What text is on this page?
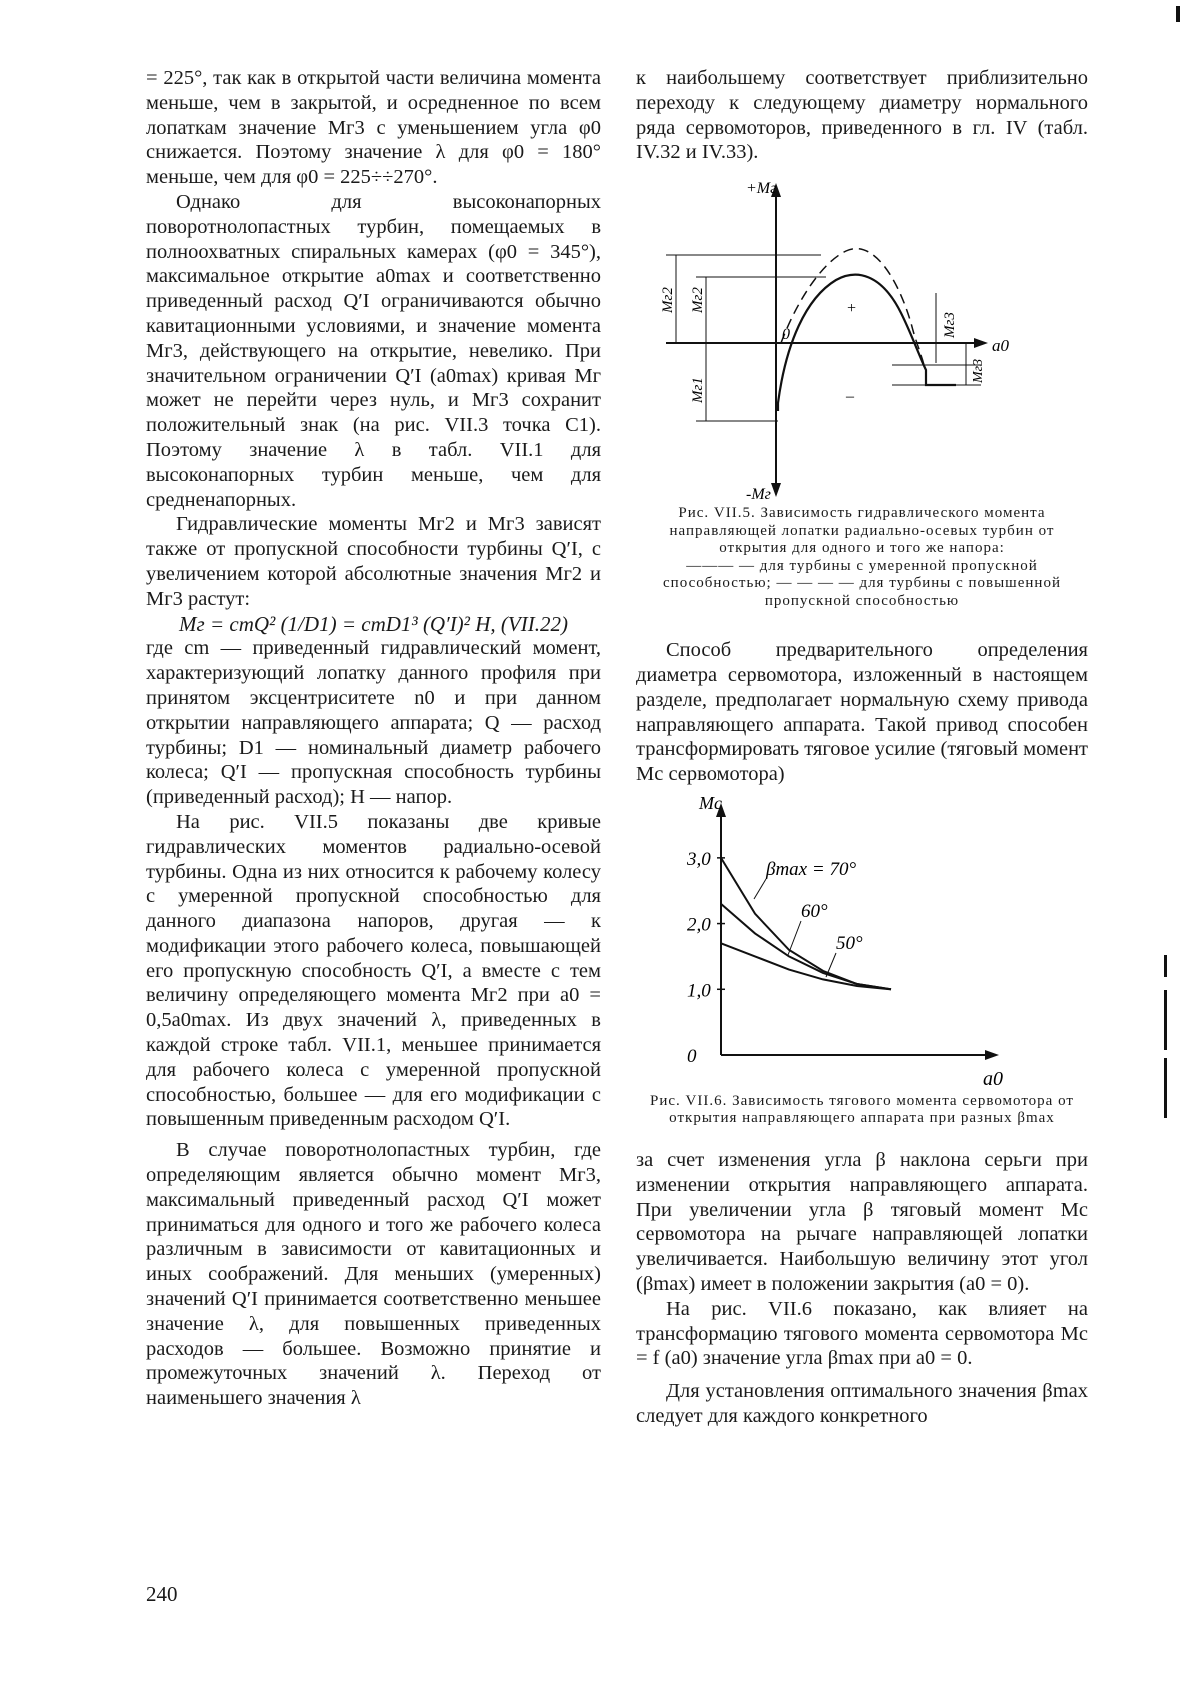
= 225°, так как в открытой части величина момента меньше, чем в закрытой, и осредненное по всем лопаткам значение Mг3 с уменьшением угла φ0 снижается. Поэтому значение λ для φ0 = 180° меньше, чем для φ0 = 225÷÷270°.

Однако для высоконапорных поворотнолопастных турбин, помещаемых в полноохватных спиральных камерах (φ0 = 345°), максимальное открытие a0max и соответственно приведенный расход Q′I ограничиваются обычно кавитационными условиями, и значение момента Mг3, действующего на открытие, невелико. При значительном ограничении Q′I (a0max) кривая Mг может не перейти через нуль, и Mг3 сохранит положительный знак (на рис. VII.3 точка C1). Поэтому значение λ в табл. VII.1 для высоконапорных турбин меньше, чем для средненапорных.

Гидравлические моменты Mг2 и Mг3 зависят также от пропускной способности турбины Q′I, с увеличением которой абсолютные значения Mг2 и Mг3 растут:

Mг = cmQ² (1/D1) = cmD1³ (Q′I)² H, (VII.22)

где cm — приведенный гидравлический момент, характеризующий лопатку данного профиля при принятом эксцентриситете n0 и при данном открытии направляющего аппарата; Q — расход турбины; D1 — номинальный диаметр рабочего колеса; Q′I — пропускная способность турбины (приведенный расход); H — напор.

На рис. VII.5 показаны две кривые гидравлических моментов радиально-осевой турбины. Одна из них относится к рабочему колесу с умеренной пропускной способностью для данного диапазона напоров, другая — к модификации этого рабочего колеса, повышающей его пропускную способность Q′I, а вместе с тем величину определяющего момента Mг2 при a0 = 0,5a0max. Из двух значений λ, приведенных в каждой строке табл. VII.1, меньшее принимается для рабочего колеса с умеренной пропускной способностью, большее — для его модификации с повышенным приведенным расходом Q′I.

В случае поворотнолопастных турбин, где определяющим является обычно момент Mг3, максимальный приведенный расход Q′I может приниматься для одного и того же рабочего колеса различным в зависимости от кавитационных и иных соображений. Для меньших (умеренных) значений Q′I принимается соответственно меньшее значение λ, для повышенных приведенных расходов — большее. Возможно принятие и промежуточных значений λ. Переход от наименьшего значения λ

к наибольшему соответствует приблизительно переходу к следующему диаметру нормального ряда сервомоторов, приведенного в гл. IV (табл. IV.32 и IV.33).

+Mг
-Mг
a0
0
+
–
Mг2 Mг2
Mг1
Mг3
Mг3

Рис. VII.5. Зависимость гидравлического момента направляющей лопатки радиально-осевых турбин от открытия для одного и того же напора:

——— — для турбины с умеренной пропускной способностью; — — — — для турбины с повышенной пропускной способностью

Способ предварительного определения диаметра сервомотора, изложенный в настоящем разделе, предполагает нормальную схему привода направляющего аппарата. Такой привод способен трансформировать тяговое усилие (тяговый момент Mc сервомотора)

3,0
2,0
1,0
0
Mc
a0
βmax = 70°
60°
50°

Рис. VII.6. Зависимость тягового момента сервомотора от открытия направляющего аппарата при разных βmax

за счет изменения угла β наклона серьги при изменении открытия направляющего аппарата. При увеличении угла β тяговый момент Mc сервомотора на рычаге направляющей лопатки увеличивается. Наибольшую величину этот угол (βmax) имеет в положении закрытия (a0 = 0).

На рис. VII.6 показано, как влияет на трансформацию тягового момента сервомотора Mc = f (a0) значение угла βmax при a0 = 0.

Для установления оптимального значения βmax следует для каждого конкретного

240
